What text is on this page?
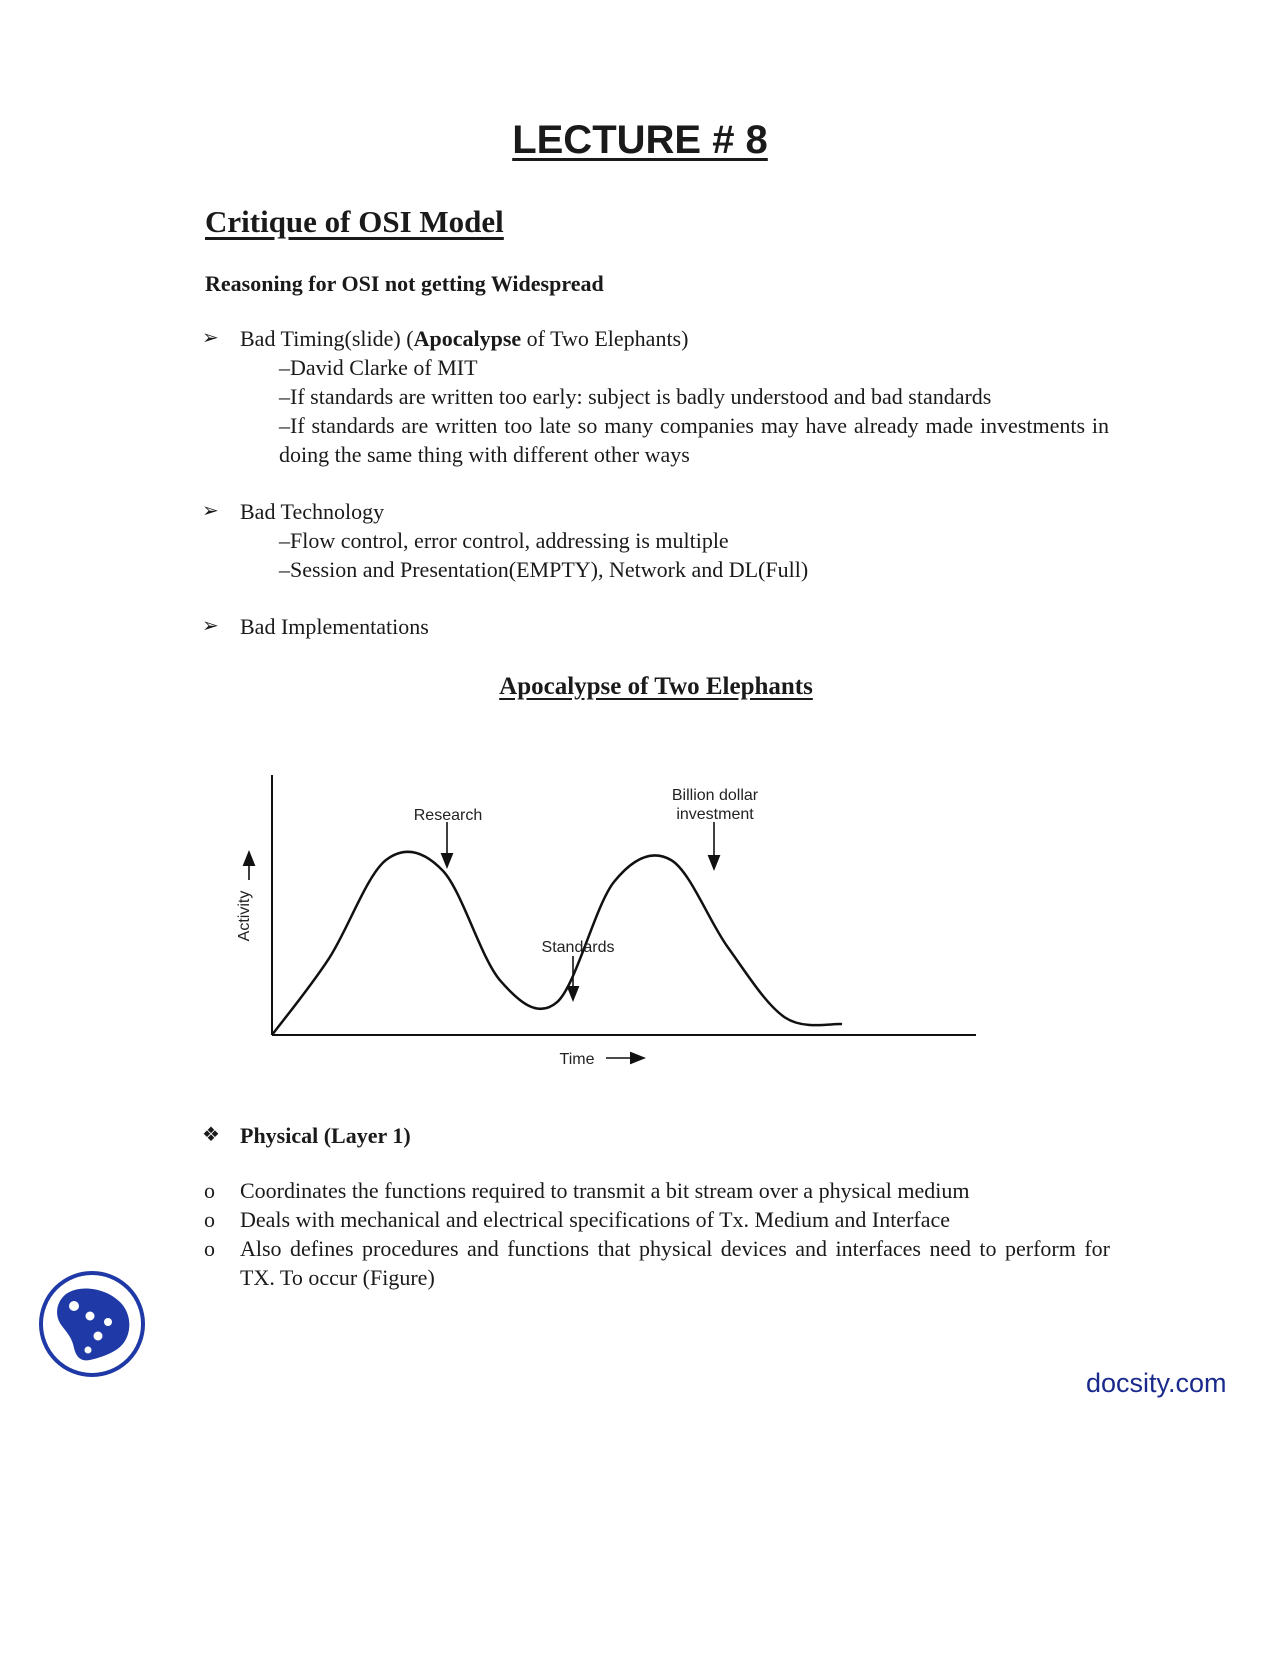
LECTURE # 8
Critique of OSI Model
Reasoning for OSI not getting Widespread
➢ Bad Timing(slide) (Apocalypse of Two Elephants)
–David Clarke of MIT
–If standards are written too early: subject is badly understood and bad standards
–If standards are written too late so many companies may have already made investments in doing the same thing with different other ways
➢ Bad Technology
–Flow control, error control, addressing is multiple
–Session and Presentation(EMPTY), Network and DL(Full)
➢ Bad Implementations
Apocalypse of Two Elephants
Research
Billion dollar
investment
Standards
Activity
Time
❖ Physical (Layer 1)
o Coordinates the functions required to transmit a bit stream over a physical medium
o Deals with mechanical and electrical specifications of Tx. Medium and Interface
o Also defines procedures and functions that physical devices and interfaces need to perform for TX. To occur (Figure)
docsity.com
